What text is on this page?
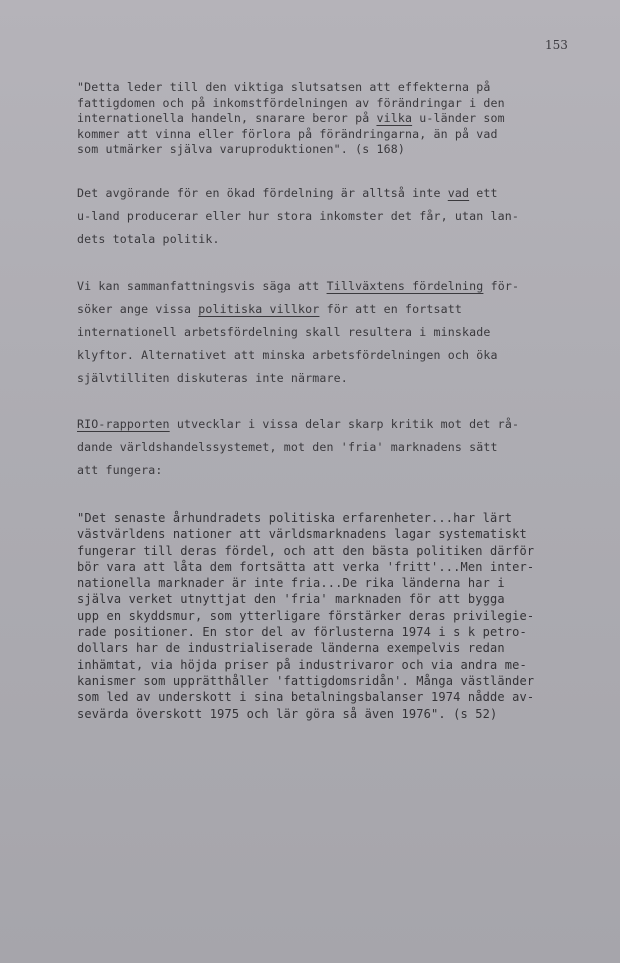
153
"Detta leder till den viktiga slutsatsen att effekterna på
fattigdomen och på inkomstfördelningen av förändringar i den
internationella handeln, snarare beror på vilka u-länder som
kommer att vinna eller förlora på förändringarna, än på vad
som utmärker själva varuproduktionen". (s 168)
Det avgörande för en ökad fördelning är alltså inte vad ett
u-land producerar eller hur stora inkomster det får, utan lan-
dets totala politik.
Vi kan sammanfattningsvis säga att Tillväxtens fördelning för-
söker ange vissa politiska villkor för att en fortsatt
internationell arbetsfördelning skall resultera i minskade
klyftor. Alternativet att minska arbetsfördelningen och öka
självtilliten diskuteras inte närmare.
RIO-rapporten utvecklar i vissa delar skarp kritik mot det rå-
dande världshandelssystemet, mot den 'fria' marknadens sätt
att fungera:
"Det senaste århundradets politiska erfarenheter...har lärt
västvärldens nationer att världsmarknadens lagar systematiskt
fungerar till deras fördel, och att den bästa politiken därför
bör vara att låta dem fortsätta att verka 'fritt'...Men inter-
nationella marknader är inte fria...De rika länderna har i
själva verket utnyttjat den 'fria' marknaden för att bygga
upp en skyddsmur, som ytterligare förstärker deras privilegie-
rade positioner. En stor del av förlusterna 1974 i s k petro-
dollars har de industrialiserade länderna exempelvis redan
inhämtat, via höjda priser på industrivaror och via andra me-
kanismer som upprätthåller 'fattigdomsridån'. Många västländer
som led av underskott i sina betalningsbalanser 1974 nådde av-
sevärda överskott 1975 och lär göra så även 1976". (s 52)
